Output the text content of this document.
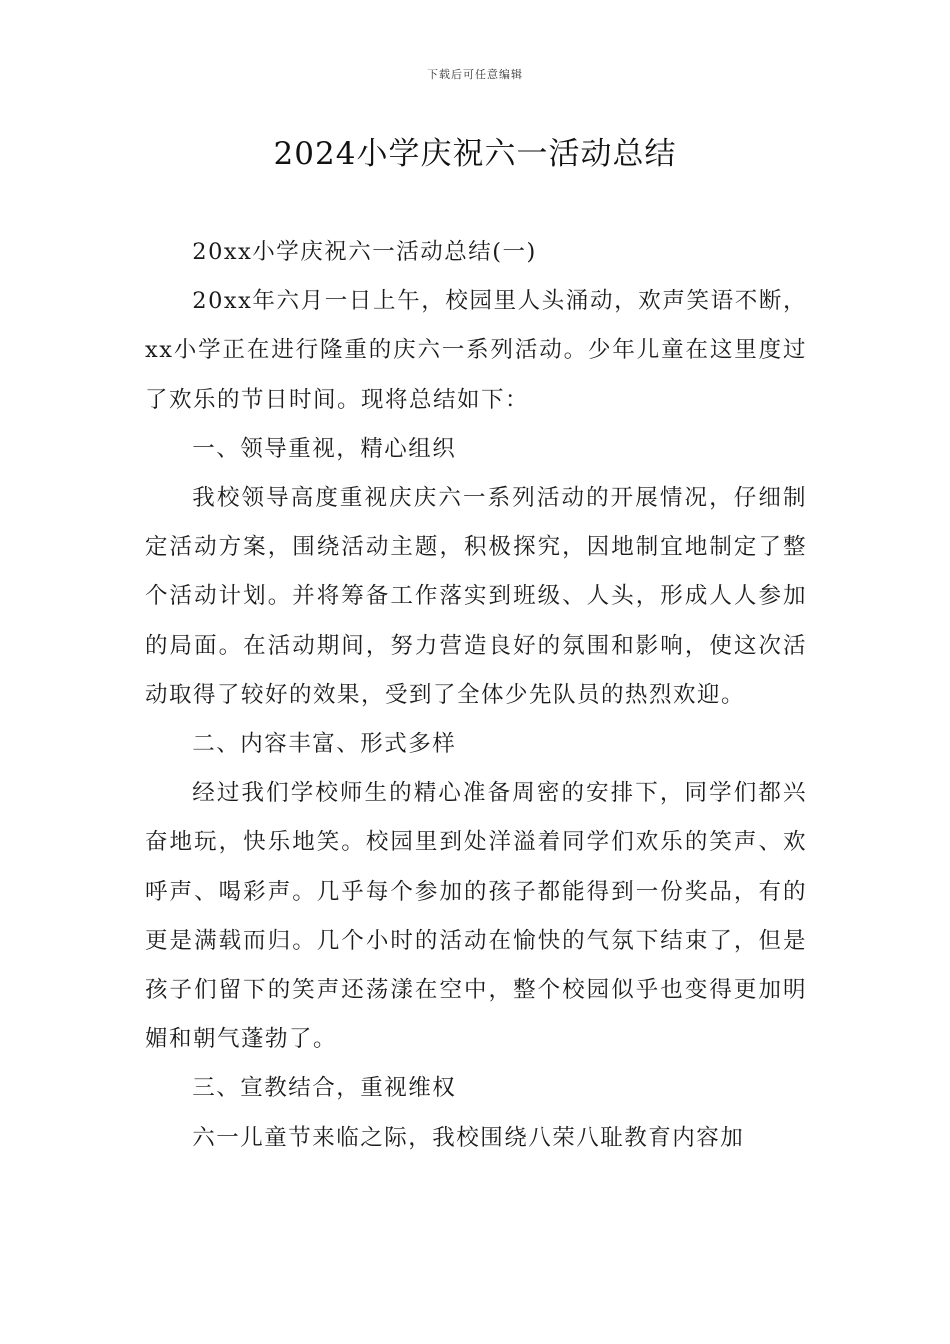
下载后可任意编辑
2024小学庆祝六一活动总结

20xx小学庆祝六一活动总结(一)

20xx年六月一日上午，校园里人头涌动，欢声笑语不断，xx小学正在进行隆重的庆六一系列活动。少年儿童在这里度过了欢乐的节日时间。现将总结如下：

一、领导重视，精心组织

我校领导高度重视庆庆六一系列活动的开展情况，仔细制定活动方案，围绕活动主题，积极探究，因地制宜地制定了整个活动计划。并将筹备工作落实到班级、人头，形成人人参加的局面。在活动期间，努力营造良好的氛围和影响，使这次活动取得了较好的效果，受到了全体少先队员的热烈欢迎。

二、内容丰富、形式多样

经过我们学校师生的精心准备周密的安排下，同学们都兴奋地玩，快乐地笑。校园里到处洋溢着同学们欢乐的笑声、欢呼声、喝彩声。几乎每个参加的孩子都能得到一份奖品，有的更是满载而归。几个小时的活动在愉快的气氛下结束了，但是孩子们留下的笑声还荡漾在空中，整个校园似乎也变得更加明媚和朝气蓬勃了。

三、宣教结合，重视维权

六一儿童节来临之际，我校围绕八荣八耻教育内容加
